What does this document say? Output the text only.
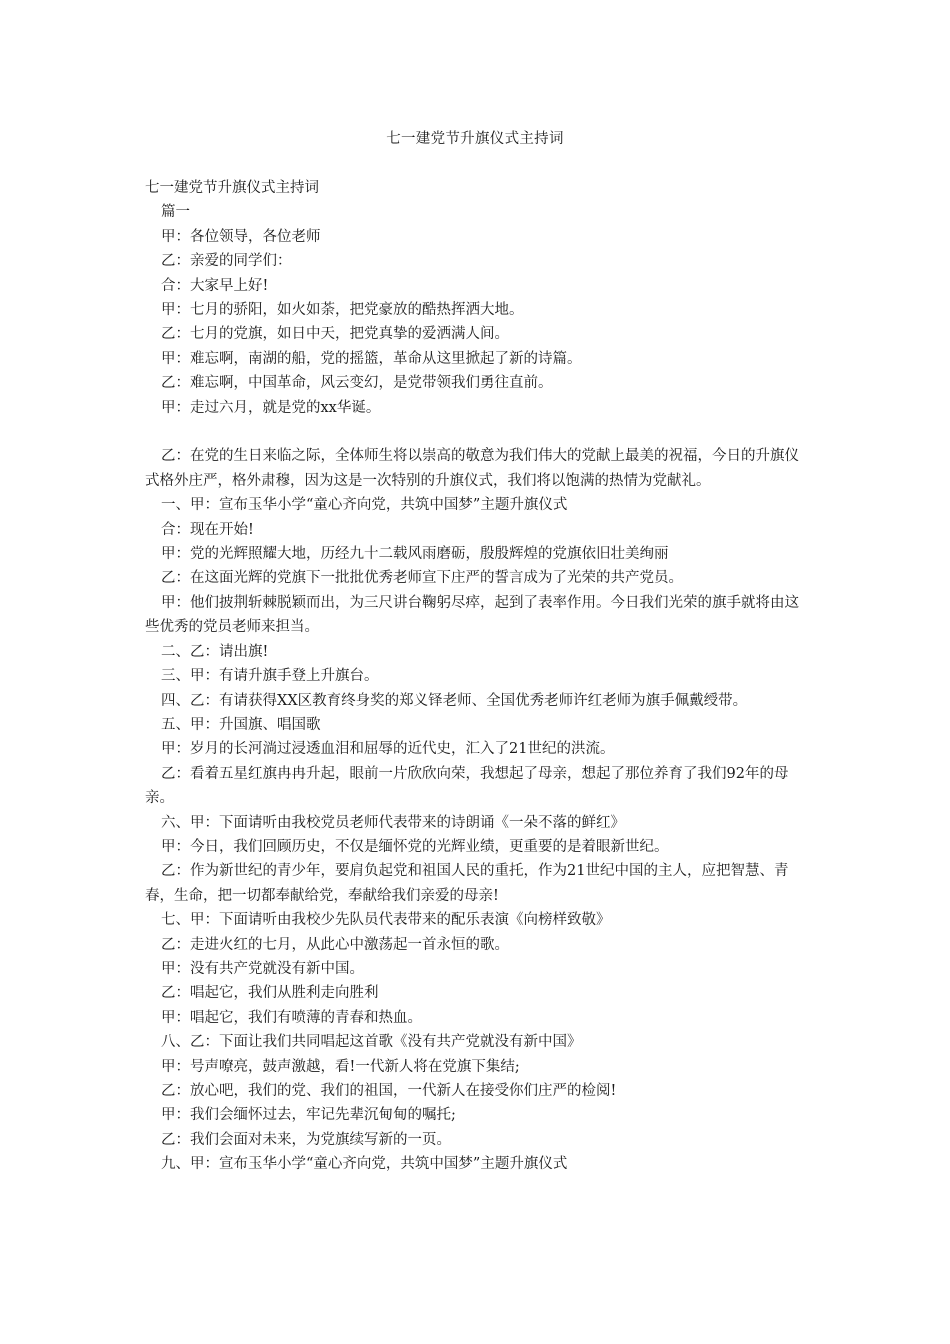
七一建党节升旗仪式主持词

七一建党节升旗仪式主持词

篇一

甲：各位领导，各位老师

乙：亲爱的同学们：

合：大家早上好!

甲：七月的骄阳，如火如荼，把党豪放的酷热挥洒大地。

乙：七月的党旗，如日中天，把党真挚的爱洒满人间。

甲：难忘啊，南湖的船，党的摇篮，革命从这里掀起了新的诗篇。

乙：难忘啊，中国革命，风云变幻，是党带领我们勇往直前。

甲：走过六月，就是党的xx华诞。

乙：在党的生日来临之际，全体师生将以崇高的敬意为我们伟大的党献上最美的祝福，今日的升旗仪式格外庄严，格外肃穆，因为这是一次特别的升旗仪式，我们将以饱满的热情为党献礼。

一、甲：宣布玉华小学“童心齐向党，共筑中国梦”主题升旗仪式

合：现在开始!

甲：党的光辉照耀大地，历经九十二载风雨磨砺，殷殷辉煌的党旗依旧壮美绚丽

乙：在这面光辉的党旗下一批批优秀老师宣下庄严的誓言成为了光荣的共产党员。

甲：他们披荆斩棘脱颖而出，为三尺讲台鞠躬尽瘁，起到了表率作用。今日我们光荣的旗手就将由这些优秀的党员老师来担当。

二、乙：请出旗!

三、甲：有请升旗手登上升旗台。

四、乙：有请获得XX区教育终身奖的郑义铎老师、全国优秀老师许红老师为旗手佩戴绶带。

五、甲：升国旗、唱国歌

甲：岁月的长河淌过浸透血泪和屈辱的近代史，汇入了21世纪的洪流。

乙：看着五星红旗冉冉升起，眼前一片欣欣向荣，我想起了母亲，想起了那位养育了我们92年的母亲。

六、甲：下面请听由我校党员老师代表带来的诗朗诵《一朵不落的鲜红》

甲：今日，我们回顾历史，不仅是缅怀党的光辉业绩，更重要的是着眼新世纪。

乙：作为新世纪的青少年，要肩负起党和祖国人民的重托，作为21世纪中国的主人，应把智慧、青春，生命，把一切都奉献给党，奉献给我们亲爱的母亲!

七、甲：下面请听由我校少先队员代表带来的配乐表演《向榜样致敬》

乙：走进火红的七月，从此心中激荡起一首永恒的歌。

甲：没有共产党就没有新中国。

乙：唱起它，我们从胜利走向胜利

甲：唱起它，我们有喷薄的青春和热血。

八、乙：下面让我们共同唱起这首歌《没有共产党就没有新中国》

甲：号声嘹亮，鼓声激越，看!一代新人将在党旗下集结;

乙：放心吧，我们的党、我们的祖国，一代新人在接受你们庄严的检阅!

甲：我们会缅怀过去，牢记先辈沉甸甸的嘱托;

乙：我们会面对未来，为党旗续写新的一页。

九、甲：宣布玉华小学“童心齐向党，共筑中国梦”主题升旗仪式
